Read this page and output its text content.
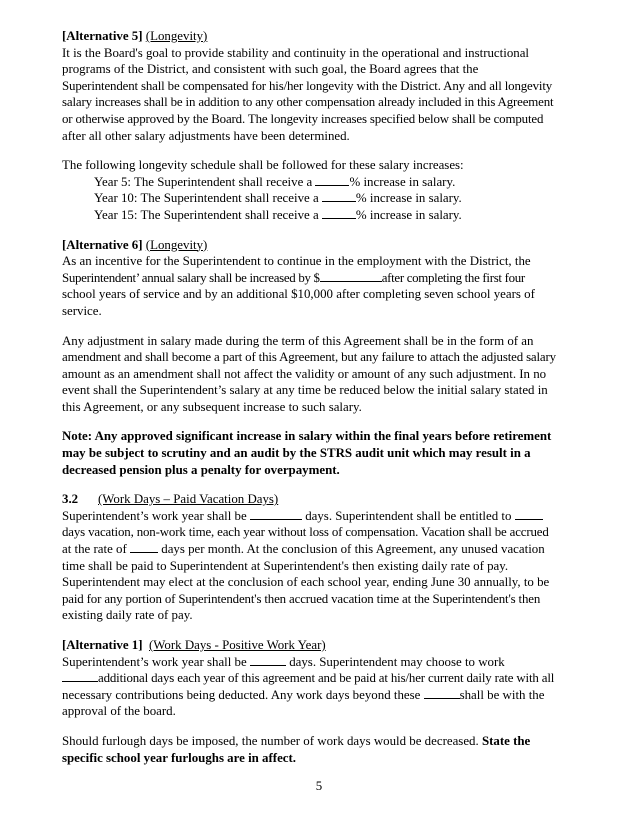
[Alternative 5] (Longevity)

It is the Board's goal to provide stability and continuity in the operational and instructional

programs of the District, and consistent with such goal, the Board agrees that the

Superintendent shall be compensated for his/her longevity with the District. Any and all longevity

salary increases shall be in addition to any other compensation already included in this Agreement

or otherwise approved by the Board. The longevity increases specified below shall be computed

after all other salary adjustments have been determined.

The following longevity schedule shall be followed for these salary increases:

Year 5: The Superintendent shall receive a	% increase in salary.

Year 10: The Superintendent shall receive a	% increase in salary.

Year 15: The Superintendent shall receive a	% increase in salary.

[Alternative 6] (Longevity)

As an incentive for the Superintendent to continue in the employment with the District, the

Superintendent’ annual salary shall be increased by $	after completing the first four

school years of service and by an additional $10,000 after completing seven school years of

service.

Any adjustment in salary made during the term of this Agreement shall be in the form of an

amendment and shall become a part of this Agreement, but any failure to attach the adjusted salary

amount as an amendment shall not affect the validity or amount of any such adjustment. In no

event shall the Superintendent’s salary at any time be reduced below the initial salary stated in

this Agreement, or any subsequent increase to such salary.

Note: Any approved significant increase in salary within the final years before retirement

may be subject to scrutiny and an audit by the STRS audit unit which may result in a

decreased pension plus a penalty for overpayment.

3.2 (Work Days – Paid Vacation Days)

Superintendent’s work year shall be	days. Superintendent shall be entitled to

days vacation, non-work time, each year without loss of compensation. Vacation shall be accrued

at the rate of	days per month. At the conclusion of this Agreement, any unused vacation

time shall be paid to Superintendent at Superintendent's then existing daily rate of pay.

Superintendent may elect at the conclusion of each school year, ending June 30 annually, to be

paid for any portion of Superintendent's then accrued vacation time at the Superintendent's then

existing daily rate of pay.

[Alternative 1] (Work Days - Positive Work Year)

Superintendent’s work year shall be	days. Superintendent may choose to work

additional days each year of this agreement and be paid at his/her current daily rate with all

necessary contributions being deducted. Any work days beyond these	shall be with the

approval of the board.

Should furlough days be imposed, the number of work days would be decreased. State the

specific school year furloughs are in affect.

5
